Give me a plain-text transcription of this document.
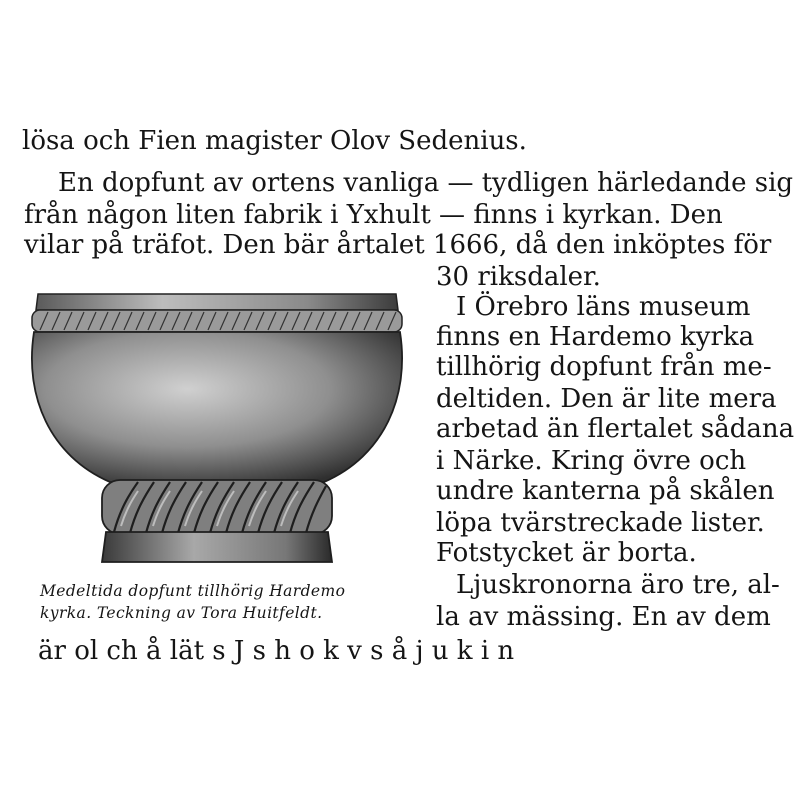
lösa och Fien magister Olov Sedenius.
En dopfunt av ortens vanliga — tydligen härledande sig
från någon liten fabrik i Yxhult — finns i kyrkan. Den
vilar på träfot. Den bär årtalet 1666, då den inköptes för
30 riksdaler.
I Örebro läns museum
finns en Hardemo kyrka
tillhörig dopfunt från me-
deltiden. Den är lite mera
arbetad än flertalet sådana
i Närke. Kring övre och
undre kanterna på skålen
löpa tvärstreckade lister.
Fotstycket är borta.
Ljuskronorna äro tre, al-
la av mässing. En av dem
Medeltida dopfunt tillhörig Hardemo
kyrka. Teckning av Tora Huitfeldt.
är ol ch å lät s J s h o k v s å j u k i n
